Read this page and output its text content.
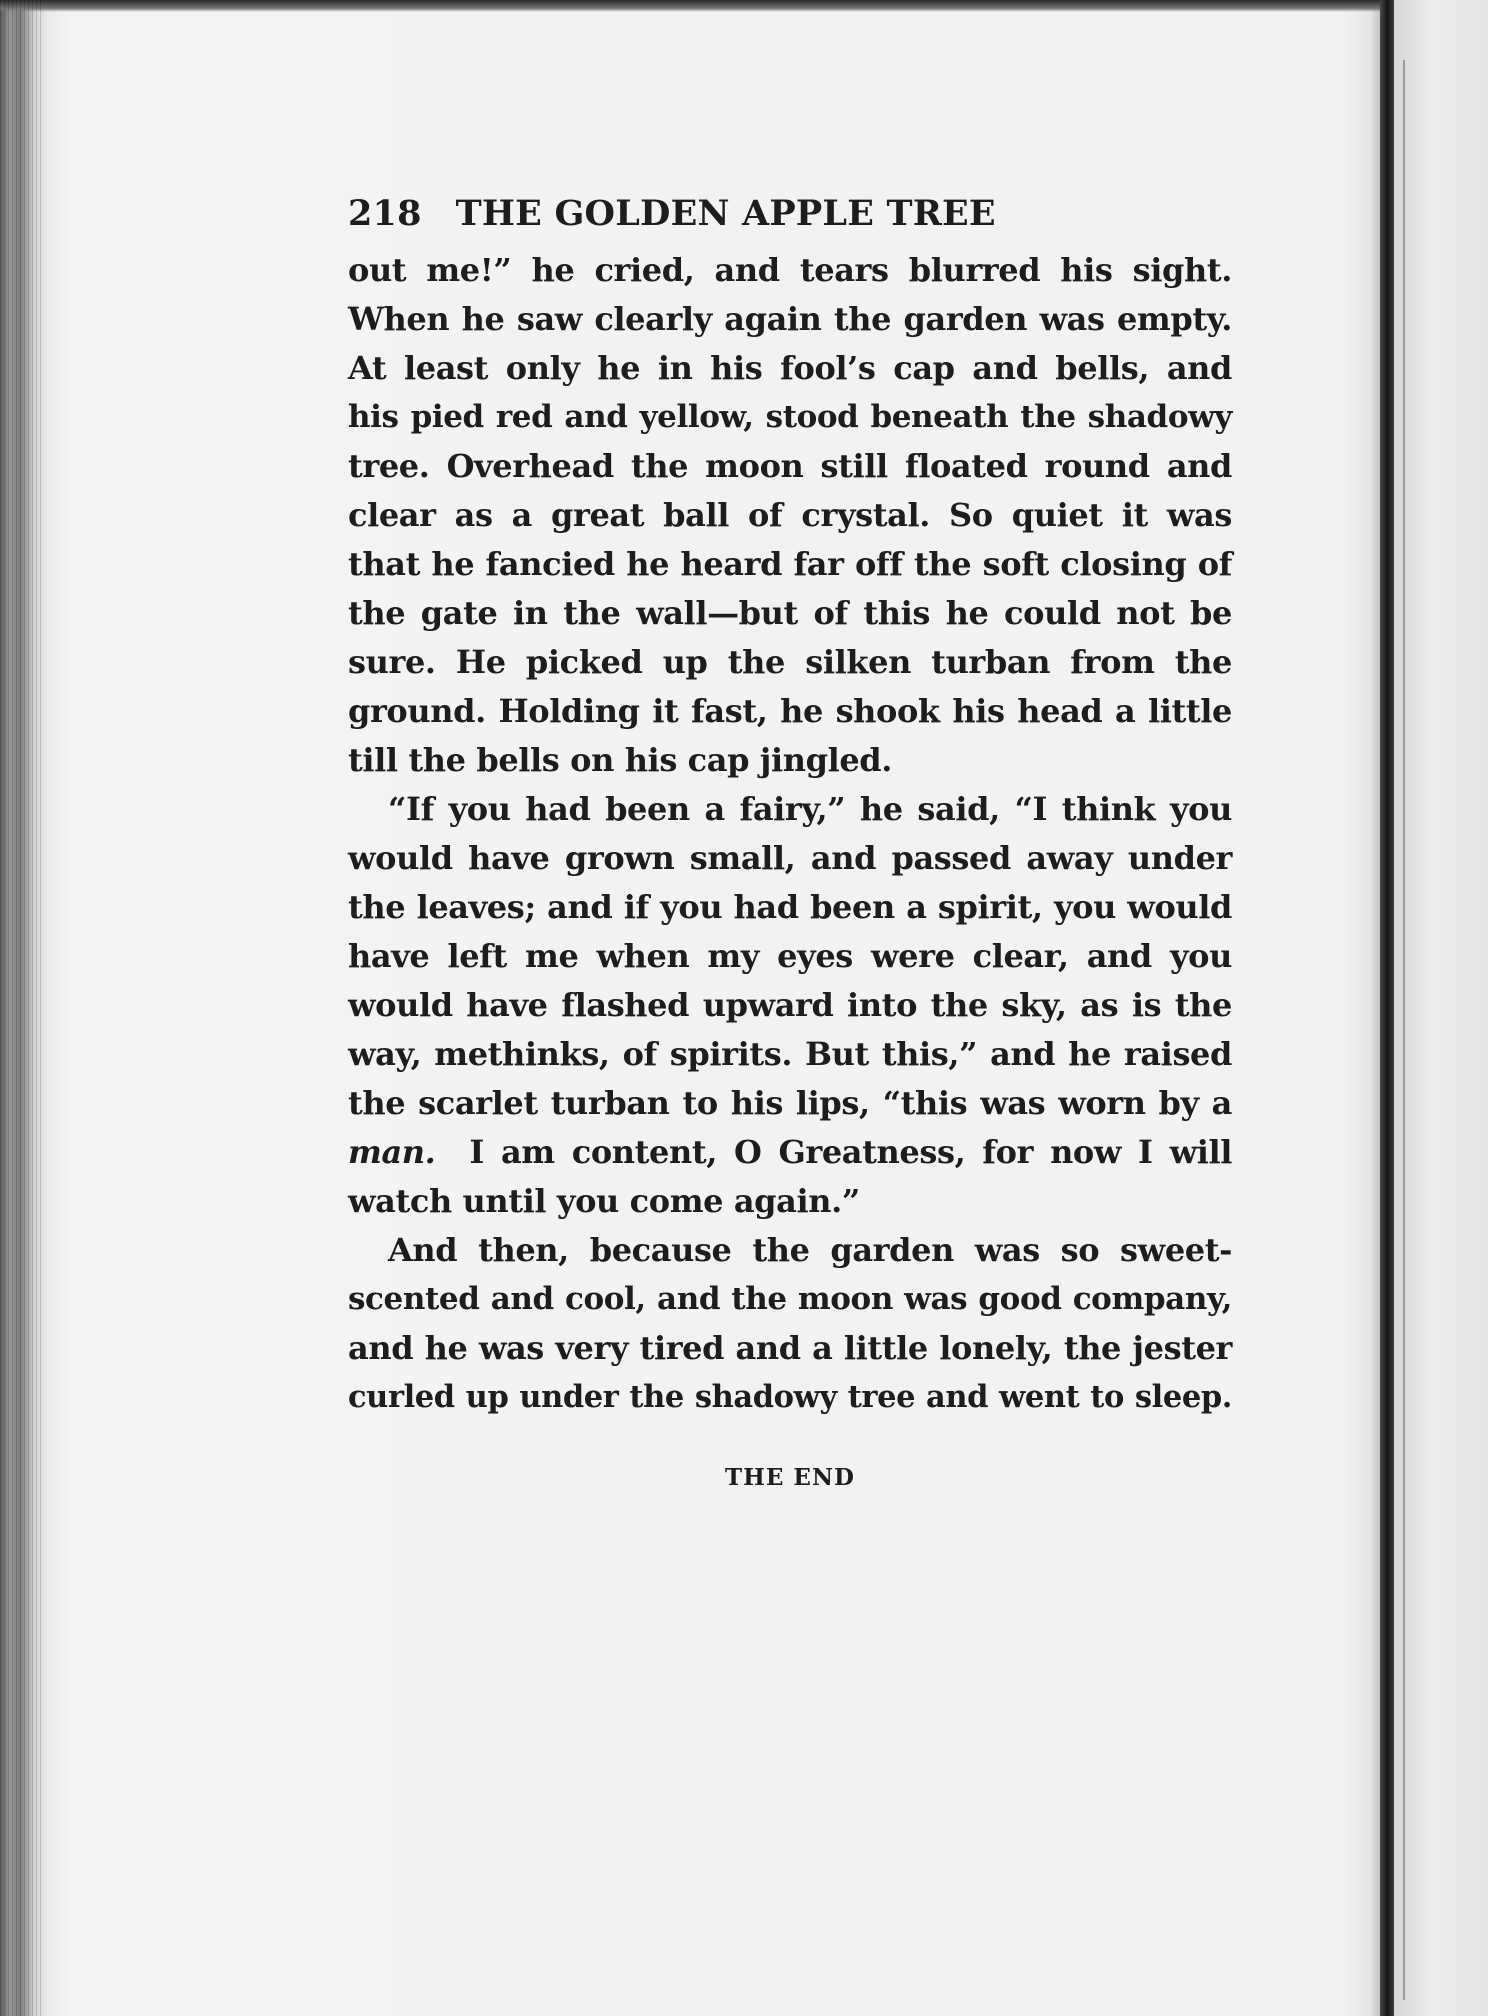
218 THE GOLDEN APPLE TREE
out me!” he cried, and tears blurred his sight.
When he saw clearly again the garden was empty.
At least only he in his fool’s cap and bells, and
his pied red and yellow, stood beneath the shadowy
tree. Overhead the moon still floated round and
clear as a great ball of crystal. So quiet it was
that he fancied he heard far off the soft closing of
the gate in the wall—but of this he could not be
sure. He picked up the silken turban from the
ground. Holding it fast, he shook his head a little
till the bells on his cap jingled.
“If you had been a fairy,” he said, “I think you
would have grown small, and passed away under
the leaves; and if you had been a spirit, you would
have left me when my eyes were clear, and you
would have flashed upward into the sky, as is the
way, methinks, of spirits. But this,” and he raised
the scarlet turban to his lips, “this was worn by a
man. I am content, O Greatness, for now I will
watch until you come again.”
And then, because the garden was so sweet-
scented and cool, and the moon was good company,
and he was very tired and a little lonely, the jester
curled up under the shadowy tree and went to sleep.
THE END
